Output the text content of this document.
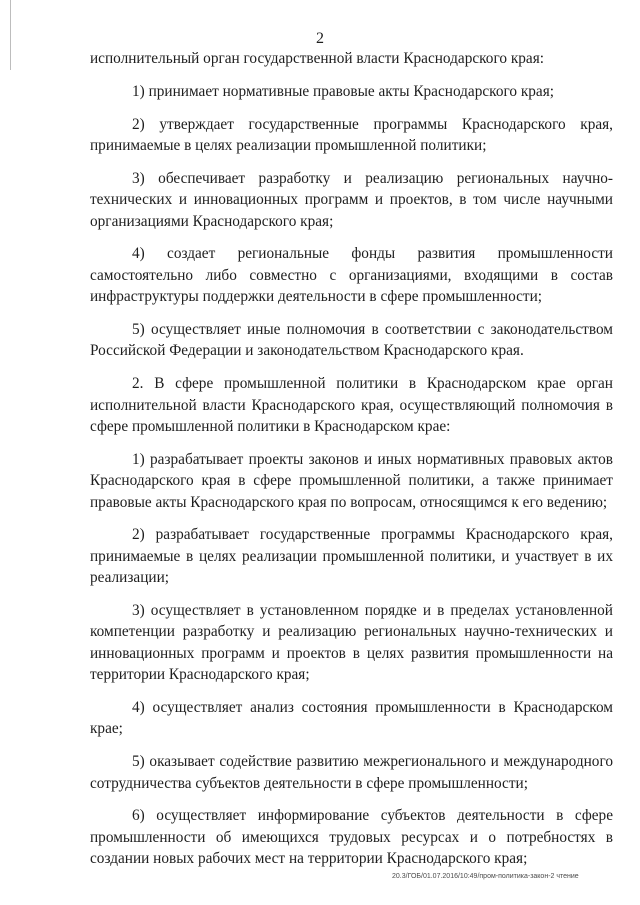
2

исполнительный орган государственной власти Краснодарского края:

1) принимает нормативные правовые акты Краснодарского края;

2) утверждает государственные программы Краснодарского края, принимаемые в целях реализации промышленной политики;

3) обеспечивает разработку и реализацию региональных научно-технических и инновационных программ и проектов, в том числе научными организациями Краснодарского края;

4) создает региональные фонды развития промышленности самостоятельно либо совместно с организациями, входящими в состав инфраструктуры поддержки деятельности в сфере промышленности;

5) осуществляет иные полномочия в соответствии с законодательством Российской Федерации и законодательством Краснодарского края.

2. В сфере промышленной политики в Краснодарском крае орган исполнительной власти Краснодарского края, осуществляющий полномочия в сфере промышленной политики в Краснодарском крае:

1) разрабатывает проекты законов и иных нормативных правовых актов Краснодарского края в сфере промышленной политики, а также принимает правовые акты Краснодарского края по вопросам, относящимся к его ведению;

2) разрабатывает государственные программы Краснодарского края, принимаемые в целях реализации промышленной политики, и участвует в их реализации;

3) осуществляет в установленном порядке и в пределах установленной компетенции разработку и реализацию региональных научно-технических и инновационных программ и проектов в целях развития промышленности на территории Краснодарского края;

4) осуществляет анализ состояния промышленности в Краснодарском крае;

5) оказывает содействие развитию межрегионального и международного сотрудничества субъектов деятельности в сфере промышленности;

6) осуществляет информирование субъектов деятельности в сфере промышленности об имеющихся трудовых ресурсах и о потребностях в создании новых рабочих мест на территории Краснодарского края;

20.3/ГОБ/01.07.2016/10:49/пром-политика-закон-2 чтение
